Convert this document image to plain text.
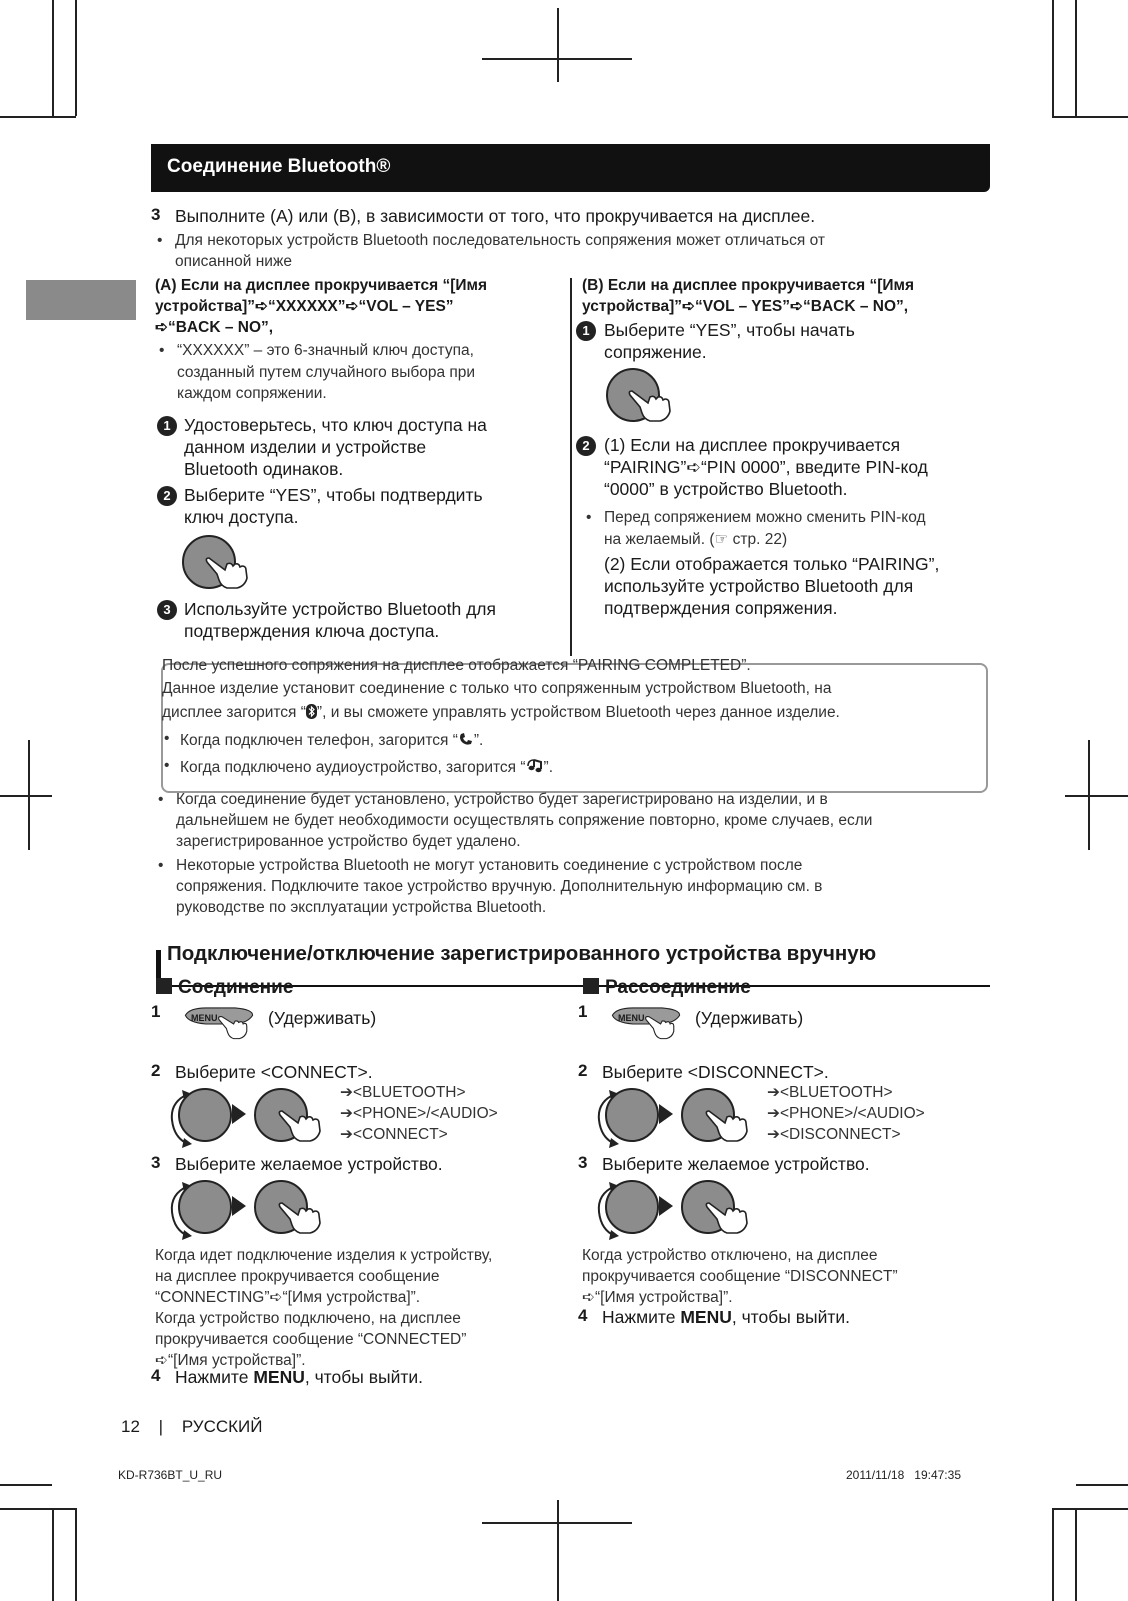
Соединение Bluetooth®
3 Выполните (A) или (B), в зависимости от того, что прокручивается на дисплее.
• Для некоторых устройств Bluetooth последовательность сопряжения может отличаться от
описанной ниже
(A) Если на дисплее прокручивается “[Имя
устройства]”➪“XXXXXX”➪“VOL – YES”
➪“BACK – NO”,
• “XXXXXX” – это 6-значный ключ доступа,
созданный путем случайного выбора при
каждом сопряжении.
1 Удостоверьтесь, что ключ доступа на
данном изделии и устройстве
Bluetooth одинаков.
2 Выберите “YES”, чтобы подтвердить
ключ доступа.
3 Используйте устройство Bluetooth для
подтверждения ключа доступа.
(B) Если на дисплее прокручивается “[Имя
устройства]”➪“VOL – YES”➪“BACK – NO”,
1 Выберите “YES”, чтобы начать
сопряжение.
2 (1) Если на дисплее прокручивается
“PAIRING”➪“PIN 0000”, введите PIN-код
“0000” в устройство Bluetooth.
• Перед сопряжением можно сменить PIN-код
на желаемый. (☞ стр. 22)
(2) Если отображается только “PAIRING”,
используйте устройство Bluetooth для
подтверждения сопряжения.
После успешного сопряжения на дисплее отображается “PAIRING COMPLETED”.
Данное изделие установит соединение с только что сопряженным устройством Bluetooth, на
дисплее загорится “ ”, и вы сможете управлять устройством Bluetooth через данное изделие.
• Когда подключен телефон, загорится “ ”.
• Когда подключено аудиоустройство, загорится “ ”.
• Когда соединение будет установлено, устройство будет зарегистрировано на изделии, и в
дальнейшем не будет необходимости осуществлять сопряжение повторно, кроме случаев, если
зарегистрированное устройство будет удалено.
• Некоторые устройства Bluetooth не могут установить соединение с устройством после
сопряжения. Подключите такое устройство вручную. Дополнительную информацию см. в
руководстве по эксплуатации устройства Bluetooth.
Подключение/отключение зарегистрированного устройства вручную
Соединение
1	MENU	(Удерживать)
2 Выберите <CONNECT>.
➔<BLUETOOTH>
➔<PHONE>/<AUDIO>
➔<CONNECT>
3 Выберите желаемое устройство.
Когда идет подключение изделия к устройству,
на дисплее прокручивается сообщение
“CONNECTING”➪“[Имя устройства]”.
Когда устройство подключено, на дисплее
прокручивается сообщение “CONNECTED”
➪“[Имя устройства]”.
4 Нажмите MENU, чтобы выйти.
Рассоединение
1	MENU	(Удерживать)
2 Выберите <DISCONNECT>.
➔<BLUETOOTH>
➔<PHONE>/<AUDIO>
➔<DISCONNECT>
3 Выберите желаемое устройство.
Когда устройство отключено, на дисплее
прокручивается сообщение “DISCONNECT”
➪“[Имя устройства]”.
4 Нажмите MENU, чтобы выйти.
12 | РУССКИЙ
KD-R736BT_U_RU	2011/11/18   19:47:35
